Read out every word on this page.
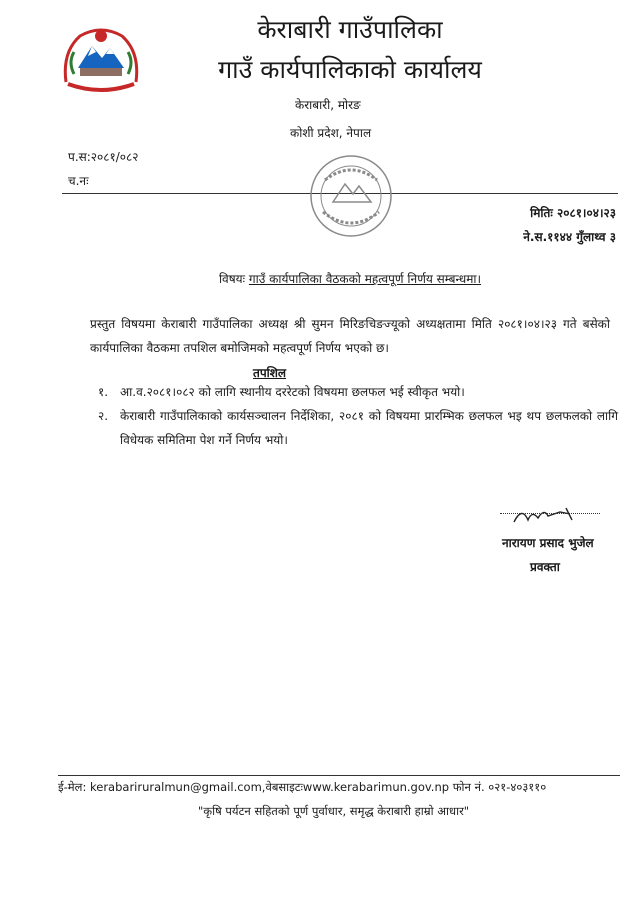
केराबारी गाउँपालिका
गाउँ कार्यपालिकाको कार्यालय
केराबारी, मोरङ
कोशी प्रदेश, नेपाल
प.स:२०८१/०८२
च.नः
मितिः २०८१।०४।२३
ने.स.११४४ गुँलाथ्व ३
विषयः गाउँ कार्यपालिका वैठकको महत्वपूर्ण निर्णय सम्बन्धमा।
प्रस्तुत विषयमा केराबारी गाउँपालिका अध्यक्ष श्री सुमन मिरिङचिङज्यूको अध्यक्षतामा मिति २०८१।०४।२३ गते बसेको कार्यपालिका वैठकमा तपशिल बमोजिमको महत्वपूर्ण निर्णय भएको छ।
तपशिल
१. आ.व.२०८१।०८२ को लागि स्थानीय दररेटको विषयमा छलफल भई स्वीकृत भयो।
२. केराबारी गाउँपालिकाको कार्यसञ्चालन निर्देशिका, २०८१ को विषयमा प्रारम्भिक छलफल भइ थप छलफलको लागि विधेयक समितिमा पेश गर्ने निर्णय भयो।
नारायण प्रसाद भुजेल
प्रवक्ता
ई-मेल: kerabariruralmun@gmail.com,वेबसाइटःwww.kerabarimun.gov.np फोन नं. ०२१-४०३११०
"कृषि पर्यटन सहितको पूर्ण पुर्वाधार, समृद्ध केराबारी हाम्रो आधार"
